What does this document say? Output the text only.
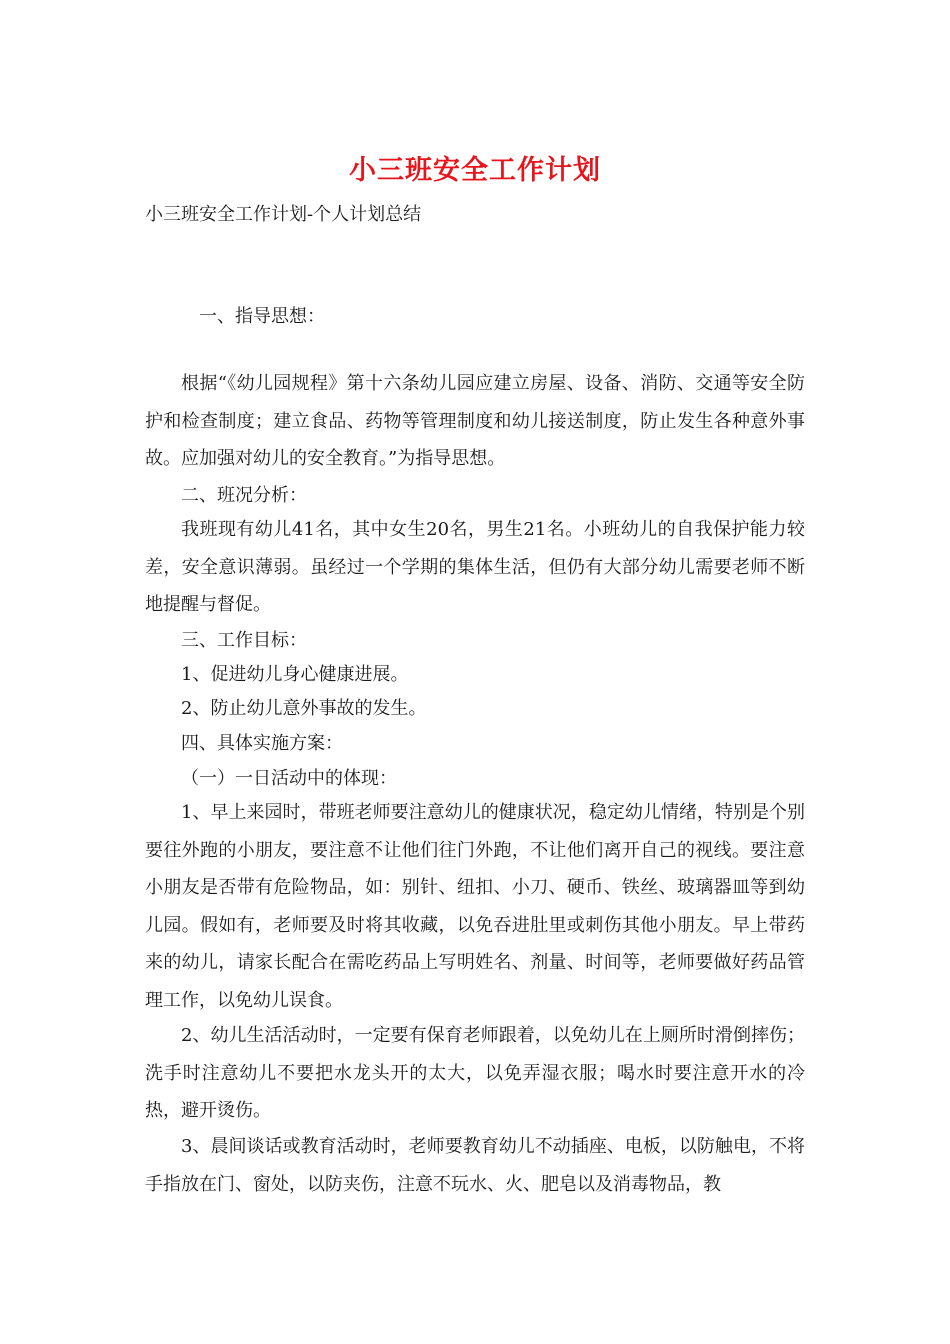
小三班安全工作计划
小三班安全工作计划-个人计划总结
一、指导思想：
根据“《幼儿园规程》第十六条幼儿园应建立房屋、设备、消防、交通等安全防护和检查制度；建立食品、药物等管理制度和幼儿接送制度，防止发生各种意外事故。应加强对幼儿的安全教育。”为指导思想。
二、班况分析：
我班现有幼儿41名，其中女生20名，男生21名。小班幼儿的自我保护能力较差，安全意识薄弱。虽经过一个学期的集体生活，但仍有大部分幼儿需要老师不断地提醒与督促。
三、工作目标：
1、促进幼儿身心健康进展。
2、防止幼儿意外事故的发生。
四、具体实施方案：
（一）一日活动中的体现：
1、早上来园时，带班老师要注意幼儿的健康状况，稳定幼儿情绪，特别是个别要往外跑的小朋友，要注意不让他们往门外跑，不让他们离开自己的视线。要注意小朋友是否带有危险物品，如：别针、纽扣、小刀、硬币、铁丝、玻璃器皿等到幼儿园。假如有，老师要及时将其收藏，以免吞进肚里或刺伤其他小朋友。早上带药来的幼儿，请家长配合在需吃药品上写明姓名、剂量、时间等，老师要做好药品管理工作，以免幼儿误食。
2、幼儿生活活动时，一定要有保育老师跟着，以免幼儿在上厕所时滑倒摔伤；洗手时注意幼儿不要把水龙头开的太大，以免弄湿衣服；喝水时要注意开水的冷热，避开烫伤。
3、晨间谈话或教育活动时，老师要教育幼儿不动插座、电板，以防触电，不将手指放在门、窗处，以防夹伤，注意不玩水、火、肥皂以及消毒物品，教
